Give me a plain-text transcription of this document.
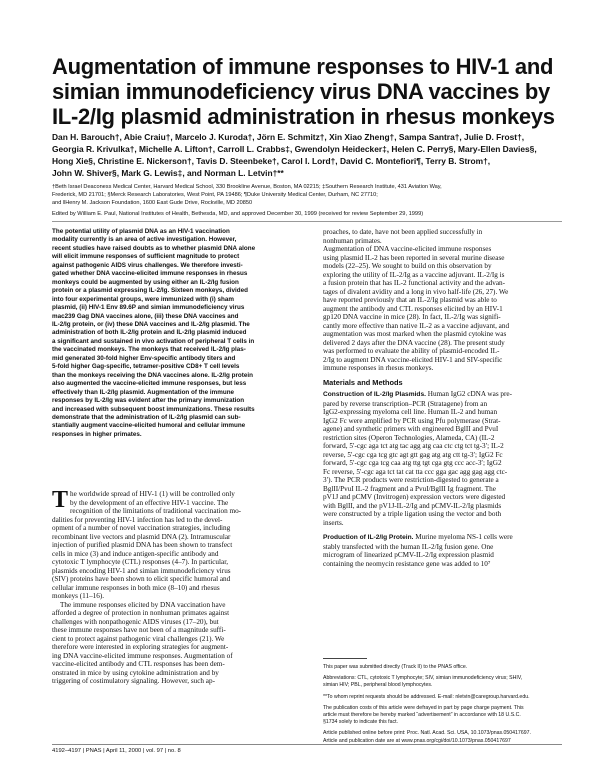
Augmentation of immune responses to HIV-1 and
simian immunodeficiency virus DNA vaccines by
IL-2/Ig plasmid administration in rhesus monkeys
Dan H. Barouch†, Abie Craiu†, Marcelo J. Kuroda†, Jörn E. Schmitz†, Xin Xiao Zheng†, Sampa Santra†, Julie D. Frost†,
Georgia R. Krivulka†, Michelle A. Lifton†, Carroll L. Crabbs‡, Gwendolyn Heidecker‡, Helen C. Perry§, Mary-Ellen Davies§,
Hong Xie§, Christine E. Nickerson†, Tavis D. Steenbeke†, Carol I. Lord†, David C. Montefiori¶, Terry B. Strom†,
John W. Shiver§, Mark G. Lewis‡, and Norman L. Letvin†**
†Beth Israel Deaconess Medical Center, Harvard Medical School, 330 Brookline Avenue, Boston, MA 02215; ‡Southern Research Institute, 431 Aviation Way,
Frederick, MD 21701; §Merck Research Laboratories, West Point, PA 19486; ¶Duke University Medical Center, Durham, NC 27710;
and ‖Henry M. Jackson Foundation, 1600 East Gude Drive, Rockville, MD 20850
Edited by William E. Paul, National Institutes of Health, Bethesda, MD, and approved December 30, 1999 (received for review September 29, 1999)
The potential utility of plasmid DNA as an HIV-1 vaccination
modality currently is an area of active investigation. However,
recent studies have raised doubts as to whether plasmid DNA alone
will elicit immune responses of sufficient magnitude to protect
against pathogenic AIDS virus challenges. We therefore investi-
gated whether DNA vaccine-elicited immune responses in rhesus
monkeys could be augmented by using either an IL-2/Ig fusion
protein or a plasmid expressing IL-2/Ig. Sixteen monkeys, divided
into four experimental groups, were immunized with (i) sham
plasmid, (ii) HIV-1 Env 89.6P and simian immunodeficiency virus
mac239 Gag DNA vaccines alone, (iii) these DNA vaccines and
IL-2/Ig protein, or (iv) these DNA vaccines and IL-2/Ig plasmid. The
administration of both IL-2/Ig protein and IL-2/Ig plasmid induced
a significant and sustained in vivo activation of peripheral T cells in
the vaccinated monkeys. The monkeys that received IL-2/Ig plas-
mid generated 30-fold higher Env-specific antibody titers and
5-fold higher Gag-specific, tetramer-positive CD8+ T cell levels
than the monkeys receiving the DNA vaccines alone. IL-2/Ig protein
also augmented the vaccine-elicited immune responses, but less
effectively than IL-2/Ig plasmid. Augmentation of the immune
responses by IL-2/Ig was evident after the primary immunization
and increased with subsequent boost immunizations. These results
demonstrate that the administration of IL-2/Ig plasmid can sub-
stantially augment vaccine-elicited humoral and cellular immune
responses in higher primates.
T he worldwide spread of HIV-1 (1) will be controlled only
by the development of an effective HIV-1 vaccine. The
recognition of the limitations of traditional vaccination mo-
dalities for preventing HIV-1 infection has led to the devel-
opment of a number of novel vaccination strategies, including
recombinant live vectors and plasmid DNA (2). Intramuscular
injection of purified plasmid DNA has been shown to transfect
cells in mice (3) and induce antigen-specific antibody and
cytotoxic T lymphocyte (CTL) responses (4–7). In particular,
plasmids encoding HIV-1 and simian immunodeficiency virus
(SIV) proteins have been shown to elicit specific humoral and
cellular immune responses in both mice (8–10) and rhesus
monkeys (11–16).
The immune responses elicited by DNA vaccination have
afforded a degree of protection in nonhuman primates against
challenges with nonpathogenic AIDS viruses (17–20), but
these immune responses have not been of a magnitude suffi-
cient to protect against pathogenic viral challenges (21). We
therefore were interested in exploring strategies for augment-
ing DNA vaccine-elicited immune responses. Augmentation of
vaccine-elicited antibody and CTL responses has been dem-
onstrated in mice by using cytokine administration and by
triggering of costimulatory signaling. However, such ap-
proaches, to date, have not been applied successfully in
nonhuman primates.
Augmentation of DNA vaccine-elicited immune responses
using plasmid IL-2 has been reported in several murine disease
models (22–25). We sought to build on this observation by
exploring the utility of IL-2/Ig as a vaccine adjuvant. IL-2/Ig is
a fusion protein that has IL-2 functional activity and the advan-
tages of divalent avidity and a long in vivo half-life (26, 27). We
have reported previously that an IL-2/Ig plasmid was able to
augment the antibody and CTL responses elicited by an HIV-1
gp120 DNA vaccine in mice (28). In fact, IL-2/Ig was signifi-
cantly more effective than native IL-2 as a vaccine adjuvant, and
augmentation was most marked when the plasmid cytokine was
delivered 2 days after the DNA vaccine (28). The present study
was performed to evaluate the ability of plasmid-encoded IL-
2/Ig to augment DNA vaccine-elicited HIV-1 and SIV-specific
immune responses in rhesus monkeys.
Materials and Methods
Construction of IL-2/Ig Plasmids. Human IgG2 cDNA was pre-
pared by reverse transcription–PCR (Stratagene) from an
IgG2-expressing myeloma cell line. Human IL-2 and human
IgG2 Fc were amplified by PCR using Pfu polymerase (Strat-
agene) and synthetic primers with engineered BglII and PvuI
restriction sites (Operon Technologies, Alameda, CA) (IL-2
forward, 5′-cgc aga tct atg tac agg atg caa ctc ctg tct tg-3′; IL-2
reverse, 5′-cgc cga tcg gtc agt gtt gag atg atg ctt tg-3′; IgG2 Fc
forward, 5′-cgc cga tcg caa atg ttg tgt cga gtg ccc acc-3′; IgG2
Fc reverse, 5′-cgc aga tct tat cat tta ccc gga gac agg gag agg ctc-
3′). The PCR products were restriction-digested to generate a
BglII/PvuI IL-2 fragment and a PvuI/BglII Ig fragment. The
pV1J and pCMV (Invitrogen) expression vectors were digested
with BglII, and the pV1J-IL-2/Ig and pCMV-IL-2/Ig plasmids
were constructed by a triple ligation using the vector and both
inserts.
Production of IL-2/Ig Protein. Murine myeloma NS-1 cells were
stably transfected with the human IL-2/Ig fusion gene. One
microgram of linearized pCMV-IL-2/Ig expression plasmid
containing the neomycin resistance gene was added to 10⁷
This paper was submitted directly (Track II) to the PNAS office.
Abbreviations: CTL, cytotoxic T lymphocyte; SIV, simian immunodeficiency virus; SHIV,
simian HIV; PBL, peripheral blood lymphocytes.
**To whom reprint requests should be addressed. E-mail: nletvin@caregroup.harvard.edu.
The publication costs of this article were defrayed in part by page charge payment. This
article must therefore be hereby marked “advertisement” in accordance with 18 U.S.C.
§1734 solely to indicate this fact.
Article published online before print: Proc. Natl. Acad. Sci. USA, 10.1073/pnas.050417697.
Article and publication date are at www.pnas.org/cgi/doi/10.1073/pnas.050417697
4192–4197 | PNAS | April 11, 2000 | vol. 97 | no. 8
